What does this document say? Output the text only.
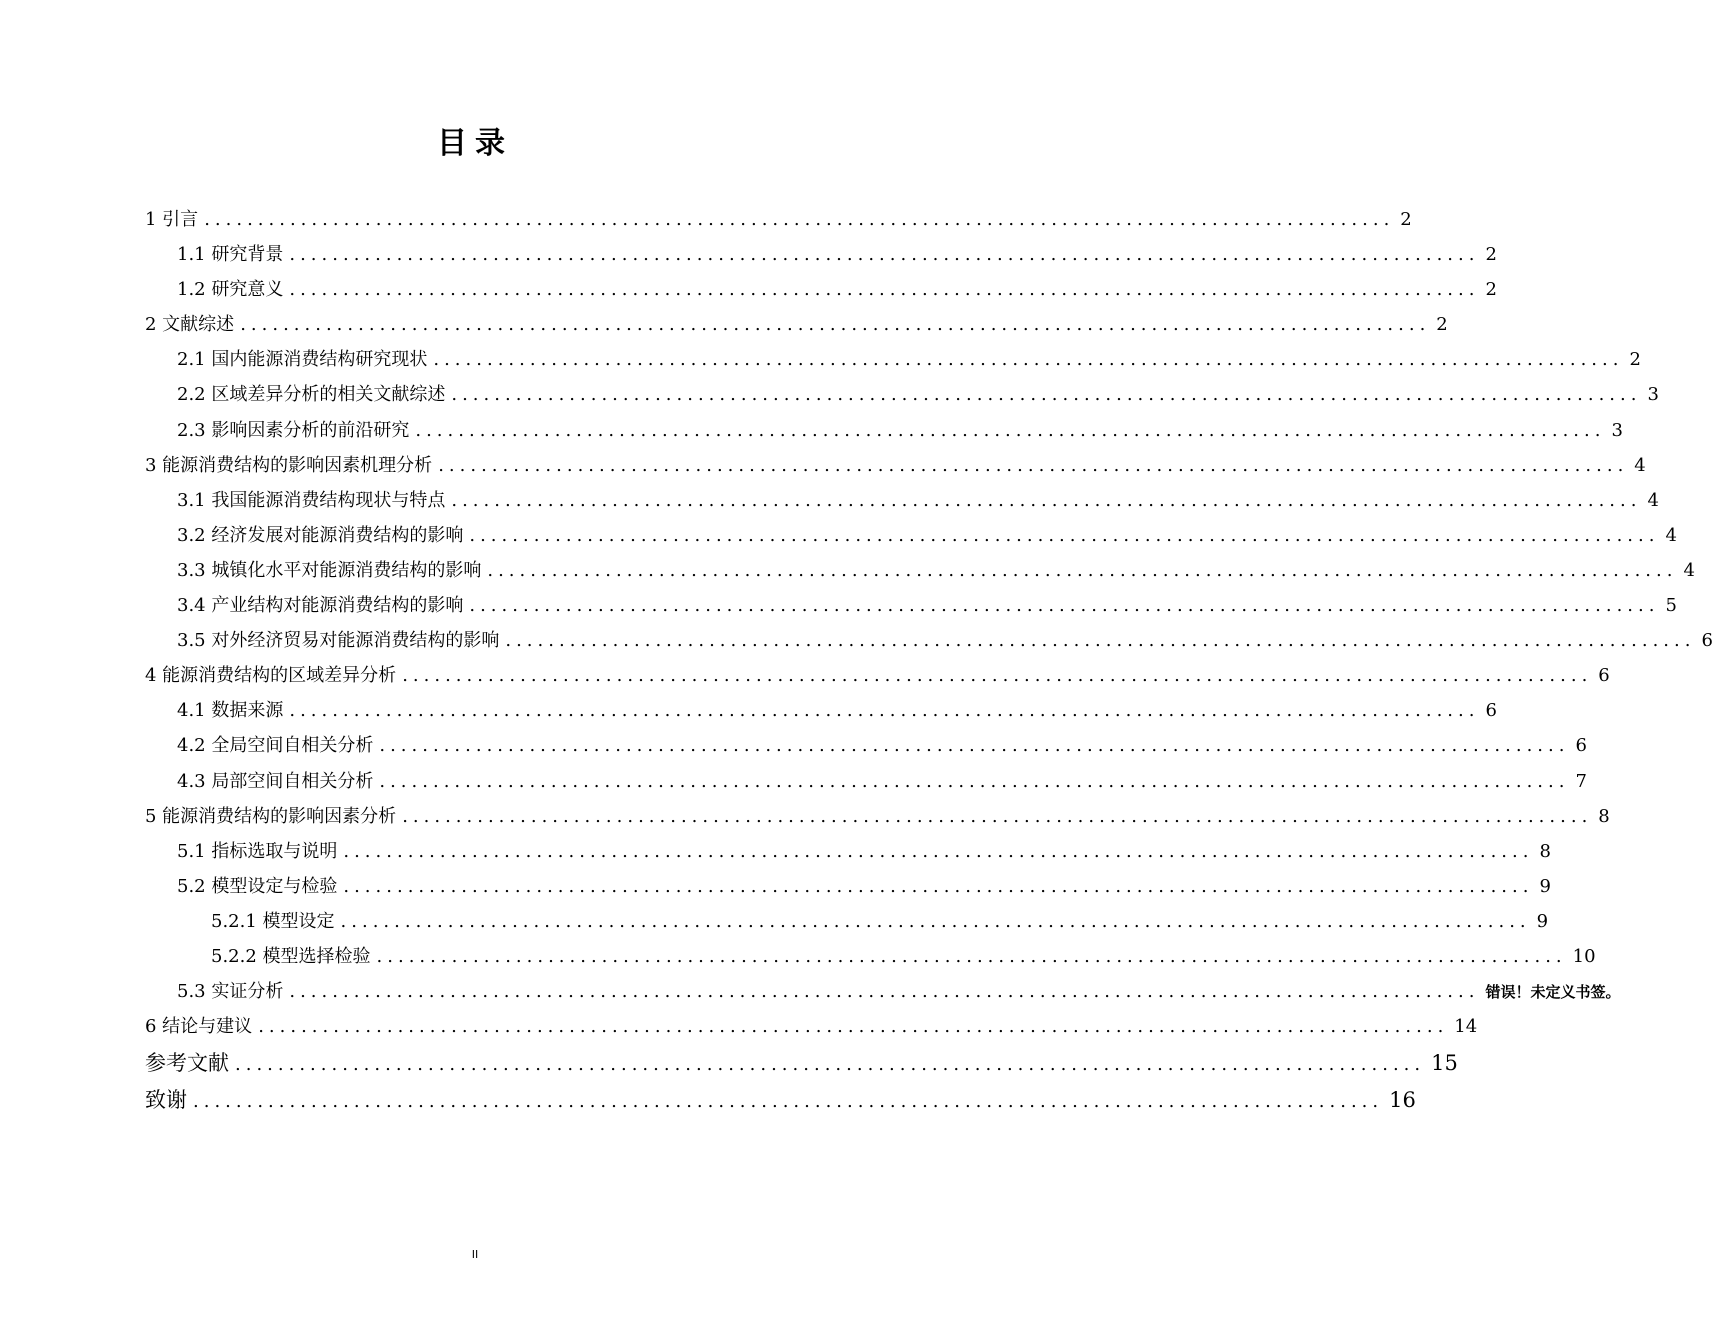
目录
1 引言 ............................................................................................................... 2
1.1 研究背景 ............................................................................................................... 2
1.2 研究意义 ............................................................................................................... 2
2 文献综述 ............................................................................................................... 2
2.1 国内能源消费结构研究现状 ............................................................................................................... 2
2.2 区域差异分析的相关文献综述 ............................................................................................................... 3
2.3 影响因素分析的前沿研究 ............................................................................................................... 3
3 能源消费结构的影响因素机理分析 ............................................................................................................... 4
3.1 我国能源消费结构现状与特点 ............................................................................................................... 4
3.2 经济发展对能源消费结构的影响 ............................................................................................................... 4
3.3 城镇化水平对能源消费结构的影响 ............................................................................................................... 4
3.4 产业结构对能源消费结构的影响 ............................................................................................................... 5
3.5 对外经济贸易对能源消费结构的影响 ............................................................................................................... 6
4 能源消费结构的区域差异分析 ............................................................................................................... 6
4.1 数据来源 ............................................................................................................... 6
4.2 全局空间自相关分析 ............................................................................................................... 6
4.3 局部空间自相关分析 ............................................................................................................... 7
5 能源消费结构的影响因素分析 ............................................................................................................... 8
5.1 指标选取与说明 ............................................................................................................... 8
5.2 模型设定与检验 ............................................................................................................... 9
5.2.1 模型设定 ............................................................................................................... 9
5.2.2 模型选择检验 ............................................................................................................... 10
5.3 实证分析 ............................................................................................................... 错误！未定义书签。
6 结论与建议 ............................................................................................................... 14
参考文献 ............................................................................................................... 15
致谢 ............................................................................................................... 16
II
